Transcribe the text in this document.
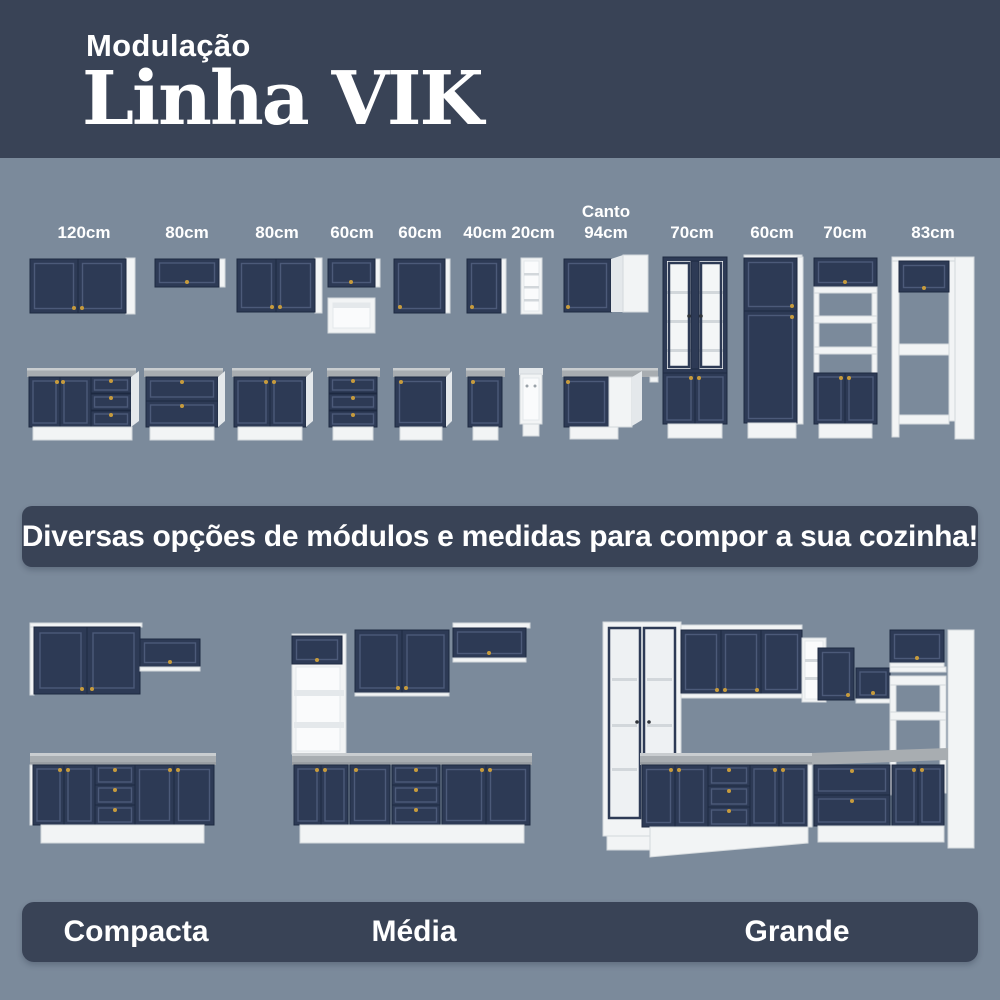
Modulação
Linha VIK
120cm	80cm	80cm 60cm 60cm 40cm 20cm
Canto
94cm	70cm 60cm 70cm	83cm
Diversas opções de módulos e medidas para compor a sua cozinha!
Compacta	Média	Grande
